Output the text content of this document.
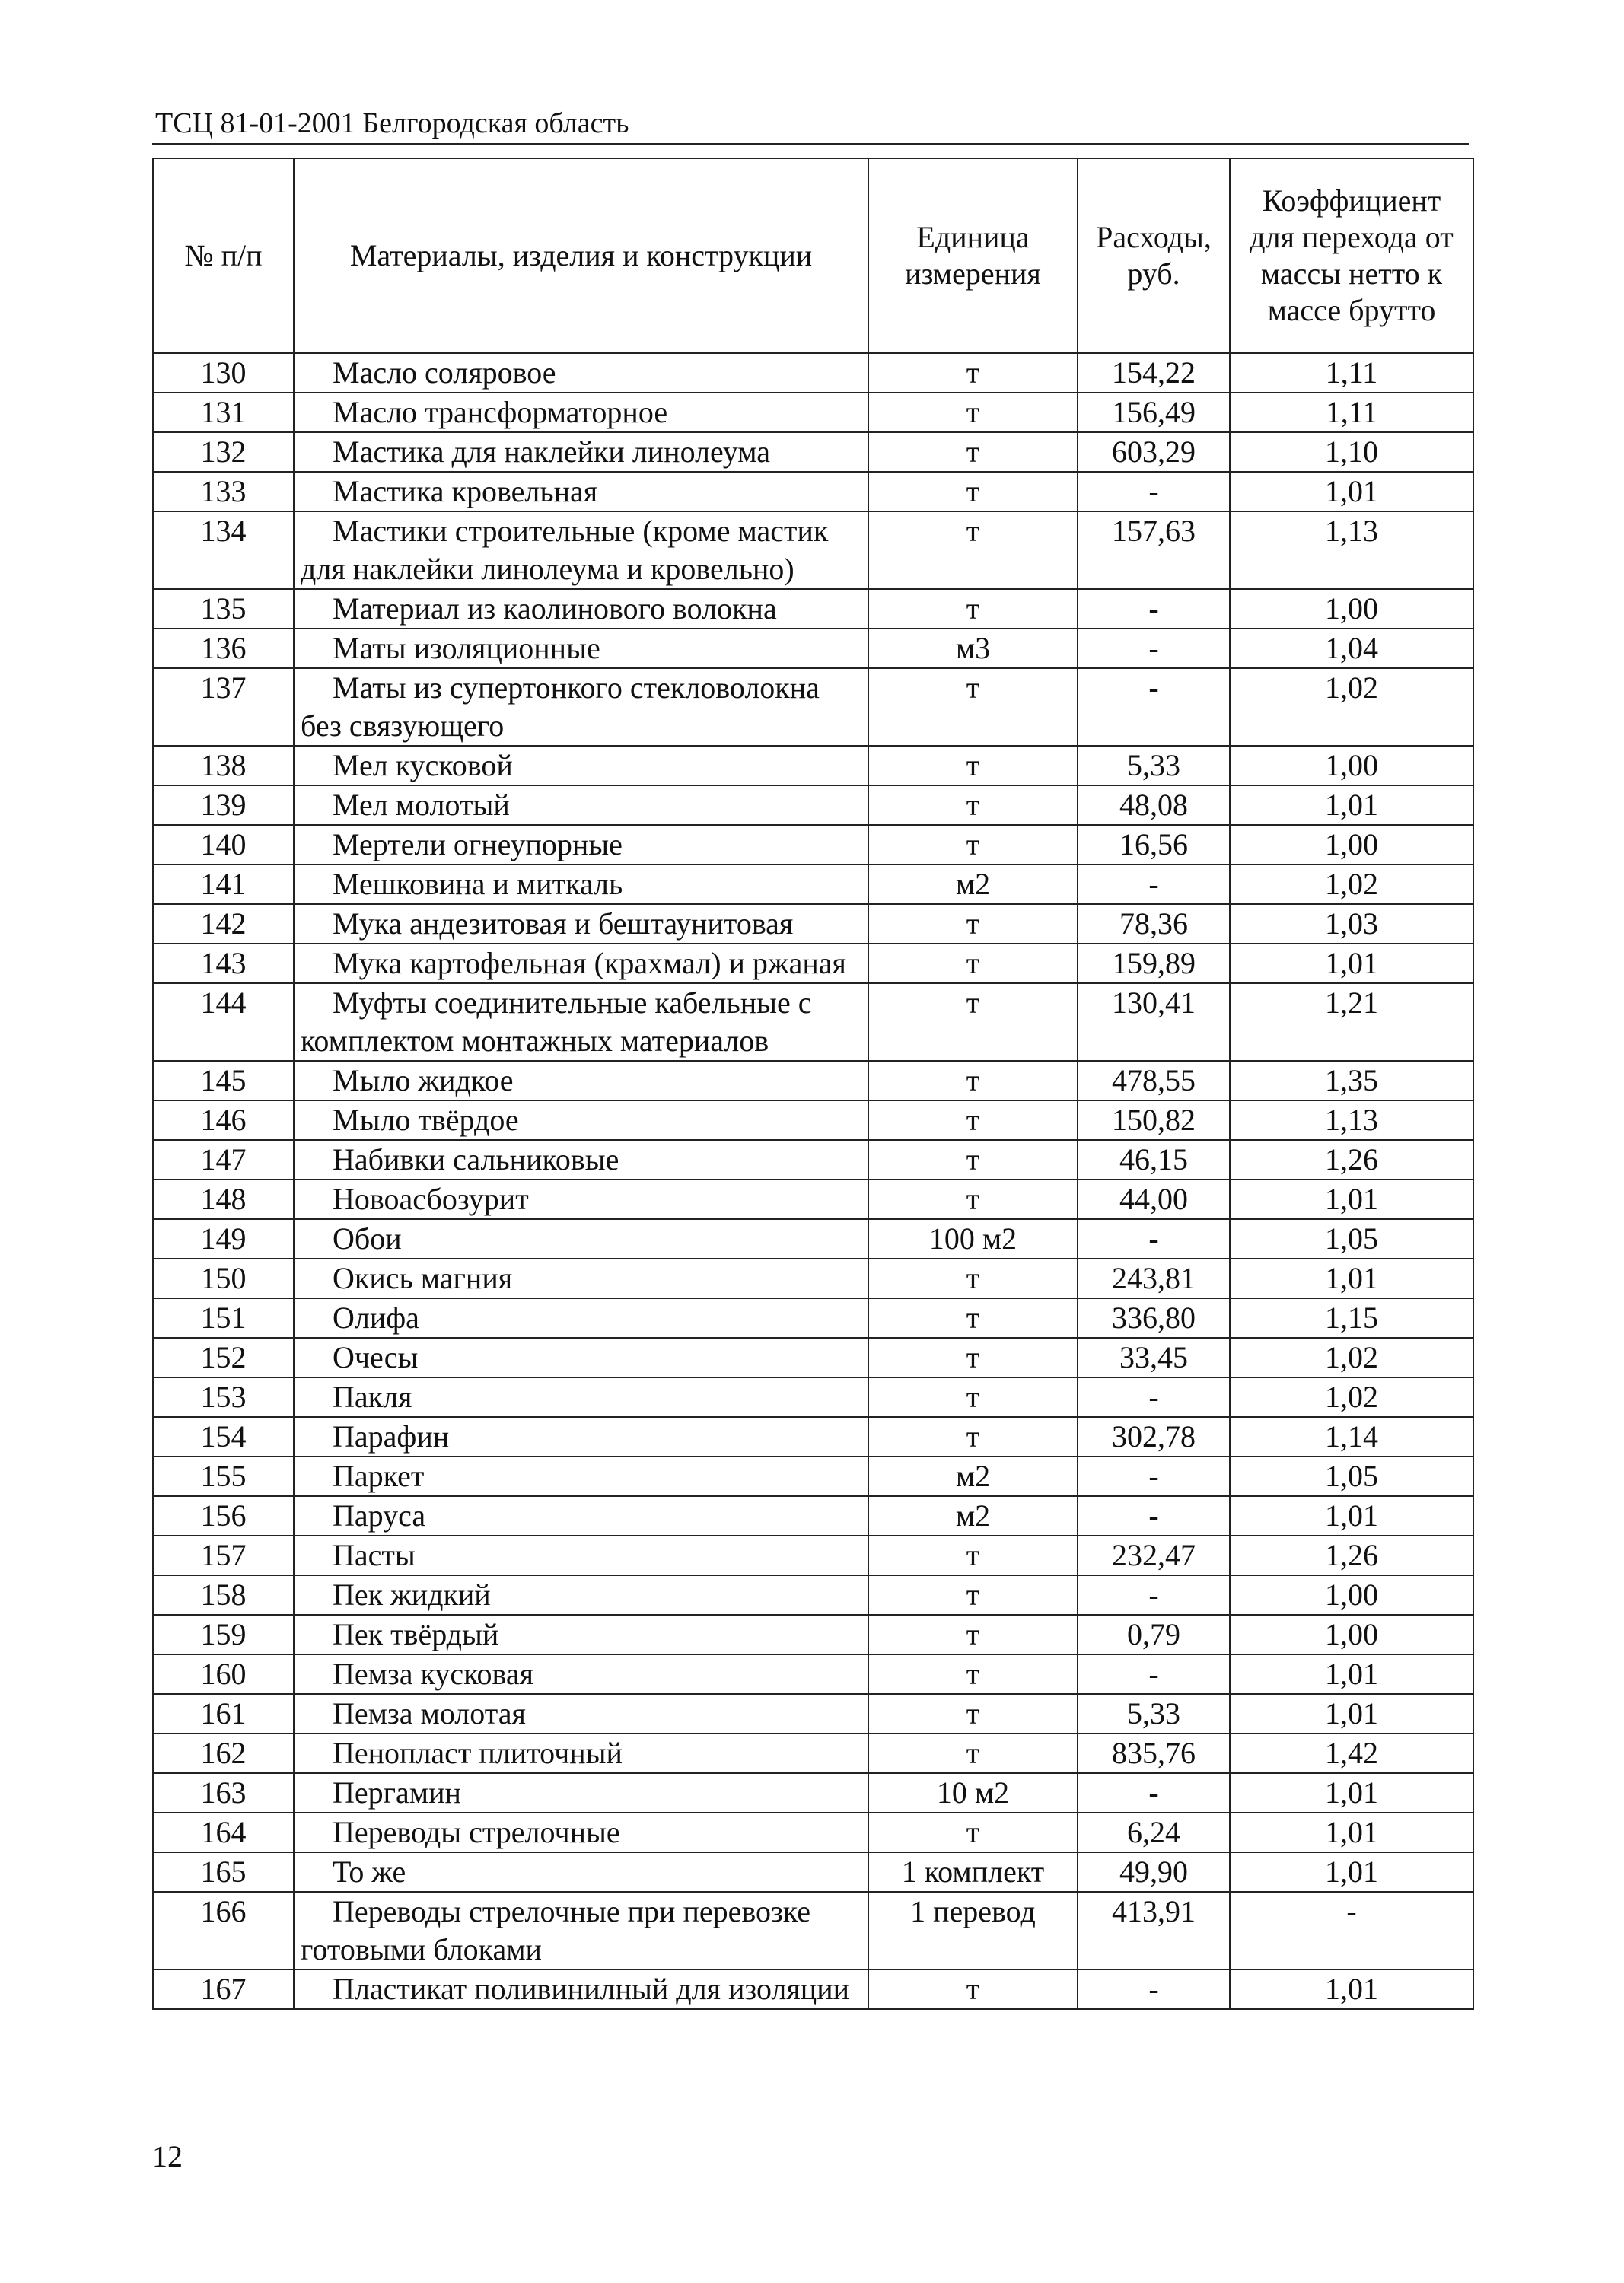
ТСЦ 81-01-2001 Белгородская область
№ п/п	Материалы, изделия и конструкции	Единица измерения	Расходы, руб.	Коэффициент для перехода от массы нетто к массе брутто
130	Масло соляровое	т	154,22	1,11
131	Масло трансформаторное	т	156,49	1,11
132	Мастика для наклейки линолеума	т	603,29	1,10
133	Мастика кровельная	т	-	1,01
134	Мастики строительные (кроме мастик для наклейки линолеума и кровельно)	т	157,63	1,13
135	Материал из каолинового волокна	т	-	1,00
136	Маты изоляционные	м3	-	1,04
137	Маты из супертонкого стекловолокна без связующего	т	-	1,02
138	Мел кусковой	т	5,33	1,00
139	Мел молотый	т	48,08	1,01
140	Мертели огнеупорные	т	16,56	1,00
141	Мешковина и миткаль	м2	-	1,02
142	Мука андезитовая и бештаунитовая	т	78,36	1,03
143	Мука картофельная (крахмал) и ржаная	т	159,89	1,01
144	Муфты соединительные кабельные с комплектом монтажных материалов	т	130,41	1,21
145	Мыло жидкое	т	478,55	1,35
146	Мыло твёрдое	т	150,82	1,13
147	Набивки сальниковые	т	46,15	1,26
148	Новоасбозурит	т	44,00	1,01
149	Обои	100 м2	-	1,05
150	Окись магния	т	243,81	1,01
151	Олифа	т	336,80	1,15
152	Очесы	т	33,45	1,02
153	Пакля	т	-	1,02
154	Парафин	т	302,78	1,14
155	Паркет	м2	-	1,05
156	Паруса	м2	-	1,01
157	Пасты	т	232,47	1,26
158	Пек жидкий	т	-	1,00
159	Пек твёрдый	т	0,79	1,00
160	Пемза кусковая	т	-	1,01
161	Пемза молотая	т	5,33	1,01
162	Пенопласт плиточный	т	835,76	1,42
163	Пергамин	10 м2	-	1,01
164	Переводы стрелочные	т	6,24	1,01
165	То же	1 комплект	49,90	1,01
166	Переводы стрелочные при перевозке готовыми блоками	1 перевод	413,91	-
167	Пластикат поливинилный для изоляции	т	-	1,01
12
